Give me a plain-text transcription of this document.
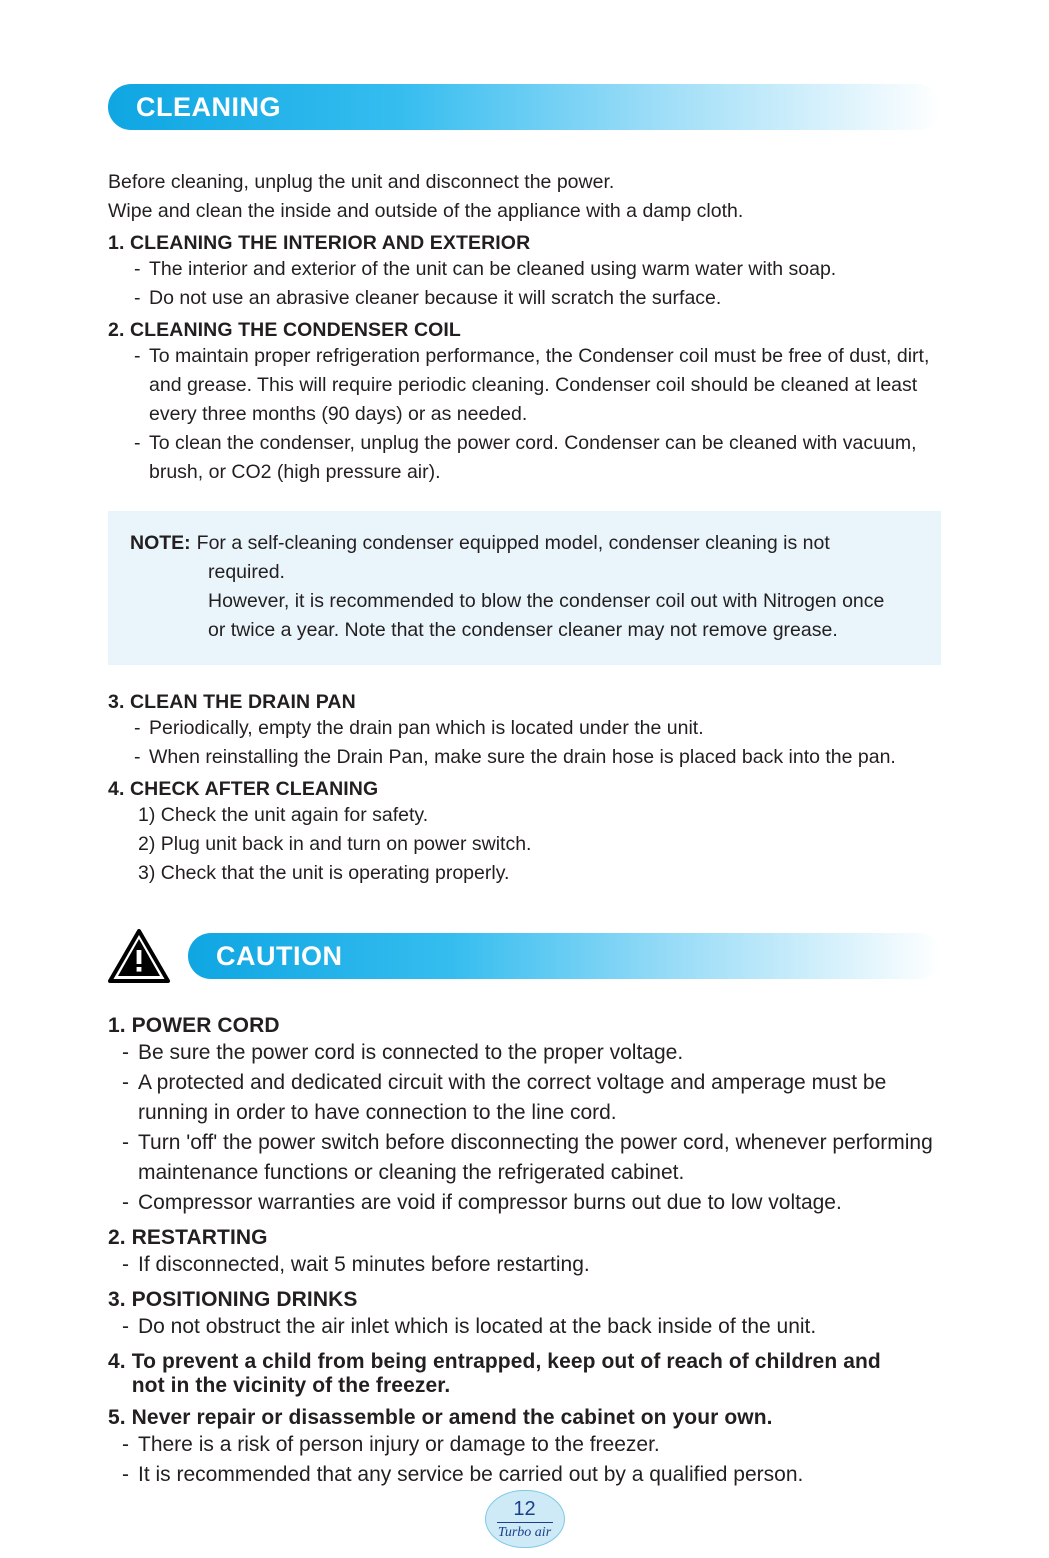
CLEANING
Before cleaning, unplug the unit and disconnect the power.
Wipe and clean the inside and outside of the appliance with a damp cloth.
1. CLEANING THE INTERIOR AND EXTERIOR
- The interior and exterior of the unit can be cleaned using warm water with soap.
- Do not use an abrasive cleaner because it will scratch the surface.
2. CLEANING THE CONDENSER COIL
- To maintain proper refrigeration performance, the Condenser coil must be free of dust, dirt, and grease. This will require periodic cleaning. Condenser coil should be cleaned at least every three months (90 days) or as needed.
- To clean the condenser, unplug the power cord. Condenser can be cleaned with vacuum, brush, or CO2 (high pressure air).
NOTE: For a self-cleaning condenser equipped model, condenser cleaning is not
required.
However, it is recommended to blow the condenser coil out with Nitrogen once
or twice a year. Note that the condenser cleaner may not remove grease.
3. CLEAN THE DRAIN PAN
- Periodically, empty the drain pan which is located under the unit.
- When reinstalling the Drain Pan, make sure the drain hose is placed back into the pan.
4. CHECK AFTER CLEANING
1) Check the unit again for safety.
2) Plug unit back in and turn on power switch.
3) Check that the unit is operating properly.
CAUTION
1. POWER CORD
- Be sure the power cord is connected to the proper voltage.
- A protected and dedicated circuit with the correct voltage and amperage must be running in order to have connection to the line cord.
- Turn 'off' the power switch before disconnecting the power cord, whenever performing maintenance functions or cleaning the refrigerated cabinet.
- Compressor warranties are void if compressor burns out due to low voltage.
2. RESTARTING
- If disconnected, wait 5 minutes before restarting.
3. POSITIONING DRINKS
- Do not obstruct the air inlet which is located at the back inside of the unit.
4. To prevent a child from being entrapped, keep out of reach of children and
not in the vicinity of the freezer.
5. Never repair or disassemble or amend the cabinet on your own.
- There is a risk of person injury or damage to the freezer.
- It is recommended that any service be carried out by a qualified person.
12
Turbo air
